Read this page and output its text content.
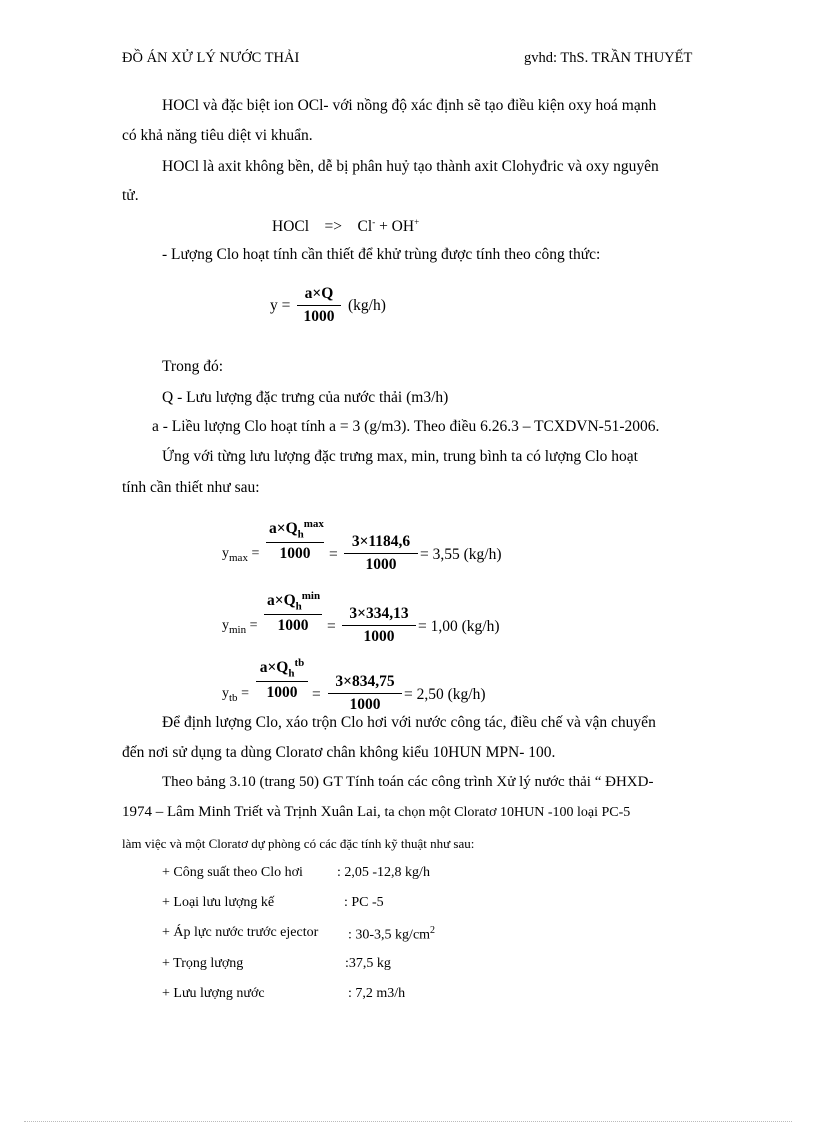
ĐỒ ÁN XỬ LÝ NƯỚC THẢI	gvhd: ThS. TRẦN THUYẾT
HOCl và đặc biệt ion OCl- với nồng độ xác định sẽ tạo điều kiện oxy hoá mạnh
có khả năng tiêu diệt vi khuẩn.
HOCl là axit không bền, dễ bị phân huỷ tạo thành axit Clohyđric và oxy nguyên
tử.
HOCl => Cl- + OH+
- Lượng Clo hoạt tính cần thiết để khử trùng được tính theo công thức:
y =
a×Q
1000
(kg/h)
Trong đó:
Q - Lưu lượng đặc trưng của nước thải (m3/h)
a - Liều lượng Clo hoạt tính a = 3 (g/m3). Theo điều 6.26.3 – TCXDVN-51-2006.
Ứng với từng lưu lượng đặc trưng max, min, trung bình ta có lượng Clo hoạt
tính cần thiết như sau:
$y_{max}$ =
$a\times Q_h^{max}$
1000	=
3×1184,6
1000
= 3,55 (kg/h)
$y_{min}$ =
$a\times Q_h^{min}$
1000	=
3×334,13
1000
= 1,00 (kg/h)
$y_{tb}$ =
$a\times Q_h^{tb}$
1000 =
3×834,75
1000
= 2,50 (kg/h)
Để định lượng Clo, xáo trộn Clo hơi với nước công tác, điều chế và vận chuyển
đến nơi sử dụng ta dùng Cloratơ chân không kiểu 10HUN MPN- 100.
Theo bảng 3.10 (trang 50) GT Tính toán các công trình Xử lý nước thải “ ĐHXD-
1974 – Lâm Minh Triết và Trịnh Xuân Lai, ta chọn một Cloratơ 10HUN -100 loại PC-5
làm việc và một Cloratơ dự phòng có các đặc tính kỹ thuật như sau:
+ Công suất theo Clo hơi : 2,05 -12,8 kg/h
+ Loại lưu lượng kế	: PC -5
+ Áp lực nước trước ejector : 30-3,5 $kg/cm^2$
+ Trọng lượng	:37,5 kg
+ Lưu lượng nước	: 7,2 m3/h
